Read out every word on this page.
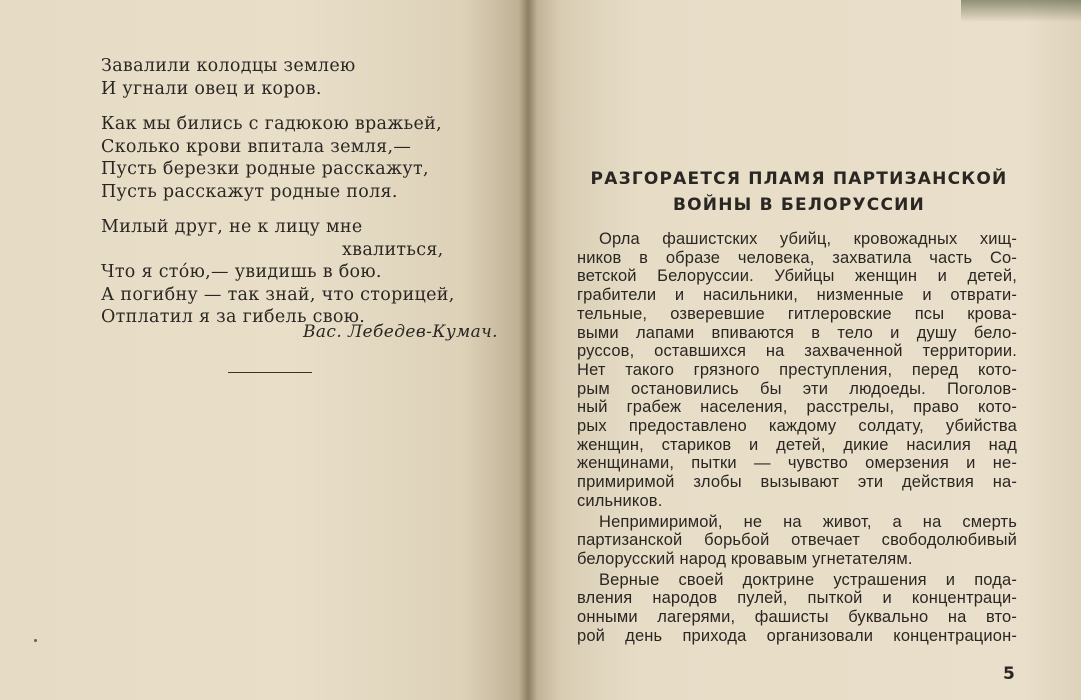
Завалили колодцы землею
И угнали овец и коров.
Как мы бились с гадюкою вражьей,
Сколько крови впитала земля,—
Пусть березки родные расскажут,
Пусть расскажут родные поля.
Милый друг, не к лицу мне
хвалиться,
Что я стóю,— увидишь в бою.
А погибну — так знай, что сторицей,
Отплатил я за гибель свою.
Вас. Лебедев-Кумач.
РАЗГОРАЕТСЯ ПЛАМЯ ПАРТИЗАНСКОЙ
ВОЙНЫ В БЕЛОРУССИИ
Орла фашистских убийц, кровожадных хищ-
ников в образе человека, захватила часть Со-
ветской Белоруссии. Убийцы женщин и детей,
грабители и насильники, низменные и отврати-
тельные, озверевшие гитлеровские псы крова-
выми лапами впиваются в тело и душу бело-
руссов, оставшихся на захваченной территории.
Нет такого грязного преступления, перед кото-
рым остановились бы эти людоеды. Поголов-
ный грабеж населения, расстрелы, право кото-
рых предоставлено каждому солдату, убийства
женщин, стариков и детей, дикие насилия над
женщинами, пытки — чувство омерзения и не-
примиримой злобы вызывают эти действия на-
сильников.
Непримиримой, не на живот, а на смерть
партизанской борьбой отвечает свободолюбивый
белорусский народ кровавым угнетателям.
Верные своей доктрине устрашения и пода-
вления народов пулей, пыткой и концентраци-
онными лагерями, фашисты буквально на вто-
рой день прихода организовали концентрацион-
5
